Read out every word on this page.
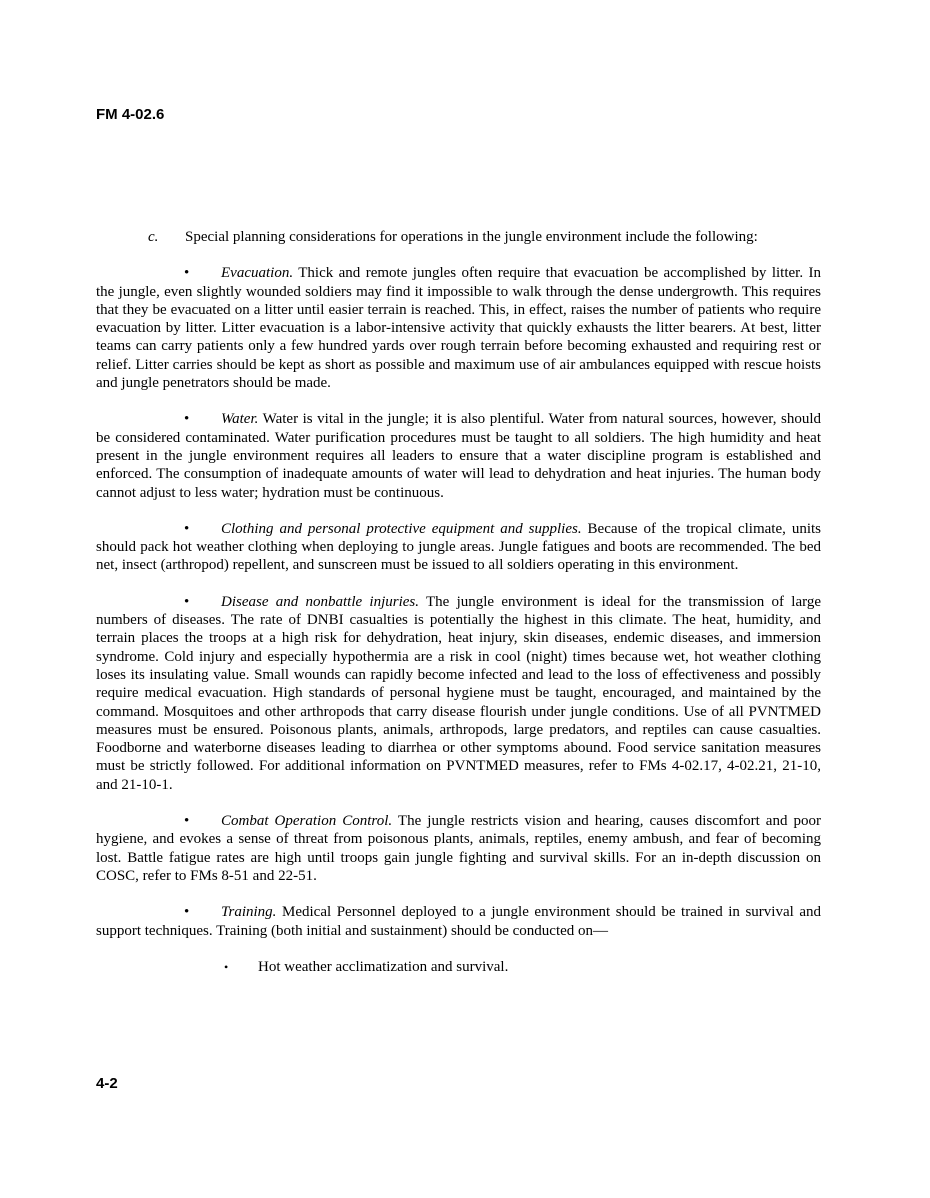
FM 4-02.6

c. Special planning considerations for operations in the jungle environment include the following:

• Evacuation. Thick and remote jungles often require that evacuation be accomplished by litter. In the jungle, even slightly wounded soldiers may find it impossible to walk through the dense undergrowth. This requires that they be evacuated on a litter until easier terrain is reached. This, in effect, raises the number of patients who require evacuation by litter. Litter evacuation is a labor-intensive activity that quickly exhausts the litter bearers. At best, litter teams can carry patients only a few hundred yards over rough terrain before becoming exhausted and requiring rest or relief. Litter carries should be kept as short as possible and maximum use of air ambulances equipped with rescue hoists and jungle penetrators should be made.

• Water. Water is vital in the jungle; it is also plentiful. Water from natural sources, however, should be considered contaminated. Water purification procedures must be taught to all soldiers. The high humidity and heat present in the jungle environment requires all leaders to ensure that a water discipline program is established and enforced. The consumption of inadequate amounts of water will lead to dehydration and heat injuries. The human body cannot adjust to less water; hydration must be continuous.

• Clothing and personal protective equipment and supplies. Because of the tropical climate, units should pack hot weather clothing when deploying to jungle areas. Jungle fatigues and boots are recommended. The bed net, insect (arthropod) repellent, and sunscreen must be issued to all soldiers operating in this environment.

• Disease and nonbattle injuries. The jungle environment is ideal for the transmission of large numbers of diseases. The rate of DNBI casualties is potentially the highest in this climate. The heat, humidity, and terrain places the troops at a high risk for dehydration, heat injury, skin diseases, endemic diseases, and immersion syndrome. Cold injury and especially hypothermia are a risk in cool (night) times because wet, hot weather clothing loses its insulating value. Small wounds can rapidly become infected and lead to the loss of effectiveness and possibly require medical evacuation. High standards of personal hygiene must be taught, encouraged, and maintained by the command. Mosquitoes and other arthropods that carry disease flourish under jungle conditions. Use of all PVNTMED measures must be ensured. Poisonous plants, animals, arthropods, large predators, and reptiles can cause casualties. Foodborne and waterborne diseases leading to diarrhea or other symptoms abound. Food service sanitation measures must be strictly followed. For additional information on PVNTMED measures, refer to FMs 4-02.17, 4-02.21, 21-10, and 21-10-1.

• Combat Operation Control. The jungle restricts vision and hearing, causes discomfort and poor hygiene, and evokes a sense of threat from poisonous plants, animals, reptiles, enemy ambush, and fear of becoming lost. Battle fatigue rates are high until troops gain jungle fighting and survival skills. For an in-depth discussion on COSC, refer to FMs 8-51 and 22-51.

• Training. Medical Personnel deployed to a jungle environment should be trained in survival and support techniques. Training (both initial and sustainment) should be conducted on—

• Hot weather acclimatization and survival.
4-2
